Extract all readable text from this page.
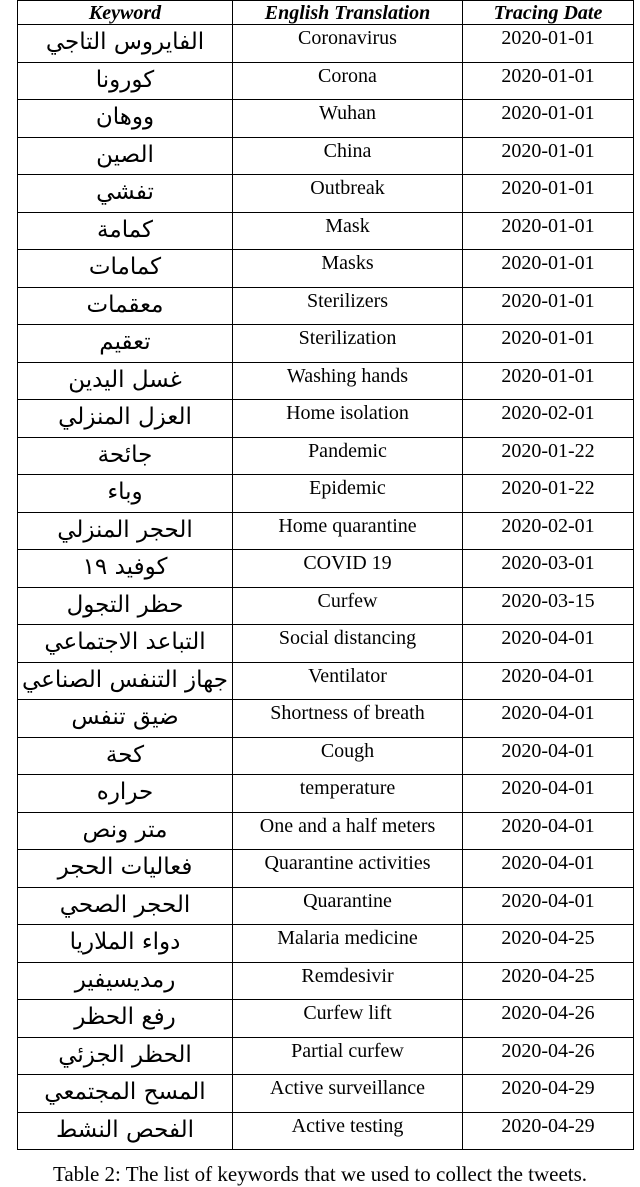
Keyword	English Translation	Tracing Date
الفايروس التاجي	Coronavirus	2020-01-01
كورونا	Corona	2020-01-01
ووهان	Wuhan	2020-01-01
الصين	China	2020-01-01
تفشي	Outbreak	2020-01-01
كمامة	Mask	2020-01-01
كمامات	Masks	2020-01-01
معقمات	Sterilizers	2020-01-01
تعقيم	Sterilization	2020-01-01
غسل اليدين	Washing hands	2020-01-01
العزل المنزلي	Home isolation	2020-02-01
جائحة	Pandemic	2020-01-22
وباء	Epidemic	2020-01-22
الحجر المنزلي	Home quarantine	2020-02-01
كوفيد ١٩	COVID 19	2020-03-01
حظر التجول	Curfew	2020-03-15
التباعد الاجتماعي	Social distancing	2020-04-01
جهاز التنفس الصناعي	Ventilator	2020-04-01
ضيق تنفس	Shortness of breath	2020-04-01
كحة	Cough	2020-04-01
حراره	temperature	2020-04-01
متر ونص	One and a half meters	2020-04-01
فعاليات الحجر	Quarantine activities	2020-04-01
الحجر الصحي	Quarantine	2020-04-01
دواء الملاريا	Malaria medicine	2020-04-25
رمديسيفير	Remdesivir	2020-04-25
رفع الحظر	Curfew lift	2020-04-26
الحظر الجزئي	Partial curfew	2020-04-26
المسح المجتمعي	Active surveillance	2020-04-29
الفحص النشط	Active testing	2020-04-29
Table 2: The list of keywords that we used to collect the tweets.
